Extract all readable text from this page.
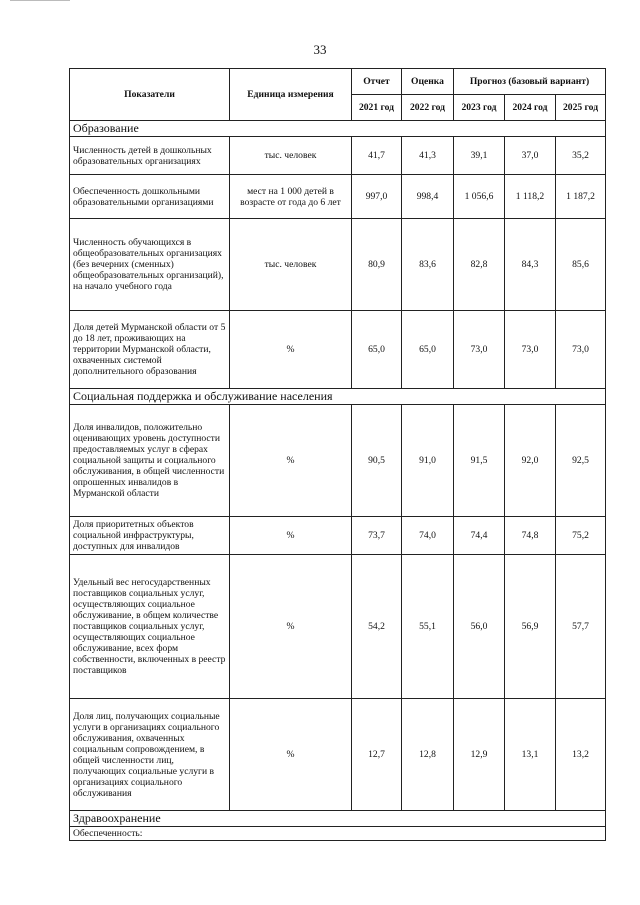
33
Показатели	Единица измерения	Отчет	Оценка	Прогноз (базовый вариант)		
		2021 год	2022 год	2023 год	2024 год	2025 год
Образование						
Численность детей в дошкольных образовательных организациях	тыс. человек	41,7	41,3	39,1	37,0	35,2
Обеспеченность дошкольными образовательными организациями	мест на 1 000 детей в возрасте от года до 6 лет	997,0	998,4	1 056,6	1 118,2	1 187,2
Численность обучающихся в общеобразовательных организациях (без вечерних (сменных) общеобразовательных организаций), на начало учебного года	тыс. человек	80,9	83,6	82,8	84,3	85,6
Доля детей Мурманской области от 5 до 18 лет, проживающих на территории Мурманской области, охваченных системой дополнительного образования	%	65,0	65,0	73,0	73,0	73,0
Социальная поддержка и обслуживание населения						
Доля инвалидов, положительно оценивающих уровень доступности предоставляемых услуг в сферах социальной защиты и социального обслуживания, в общей численности опрошенных инвалидов в Мурманской области	%	90,5	91,0	91,5	92,0	92,5
Доля приоритетных объектов социальной инфраструктуры, доступных для инвалидов	%	73,7	74,0	74,4	74,8	75,2
Удельный вес негосударственных поставщиков социальных услуг, осуществляющих социальное обслуживание, в общем количестве поставщиков социальных услуг, осуществляющих социальное обслуживание, всех форм собственности, включенных в реестр поставщиков	%	54,2	55,1	56,0	56,9	57,7
Доля лиц, получающих социальные услуги в организациях социального обслуживания, охваченных социальным сопровождением, в общей численности лиц, получающих социальные услуги в организациях социального обслуживания	%	12,7	12,8	12,9	13,1	13,2
Здравоохранение						
Обеспеченность:						
